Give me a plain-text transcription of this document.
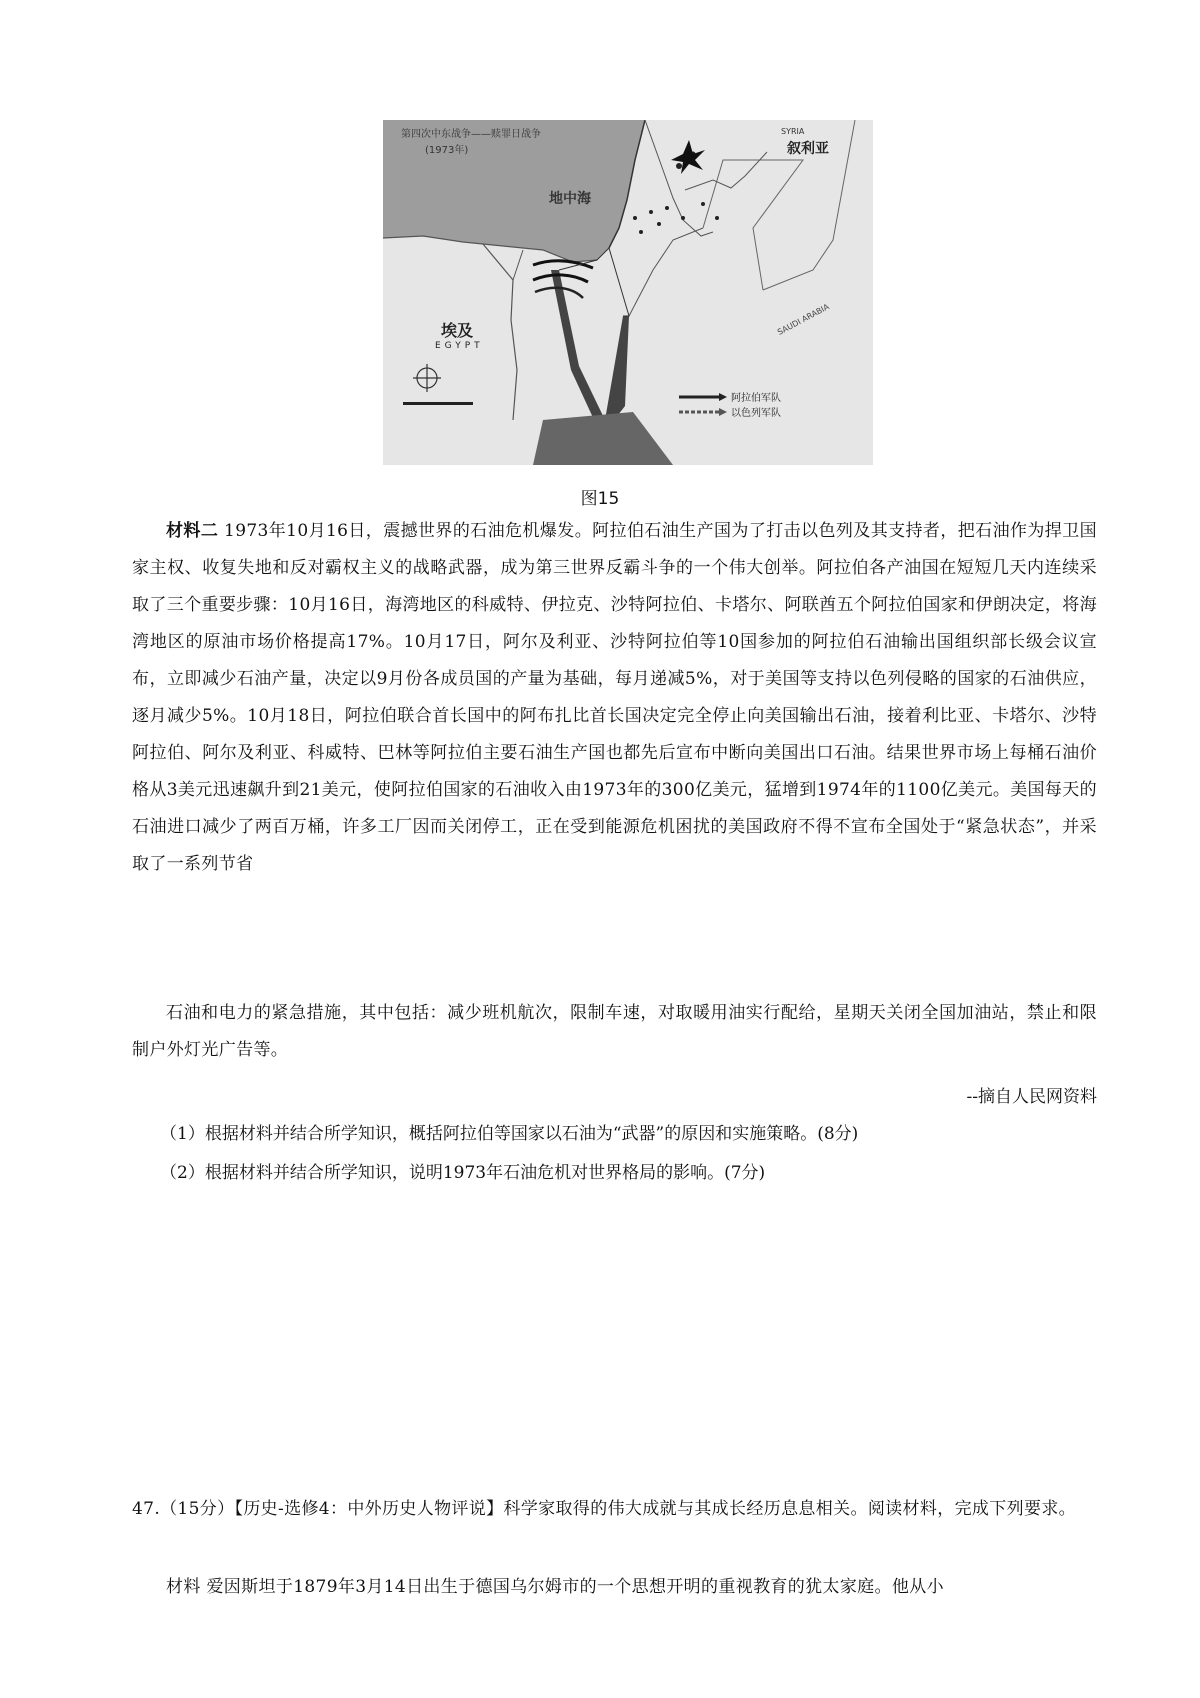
第四次中东战争——赎罪日战争
(1973年)
地中海
SYRIA
叙利亚
埃及
EGYPT
SAUDI ARABIA
阿拉伯军队
以色列军队
图15

材料二 1973年10月16日，震撼世界的石油危机爆发。阿拉伯石油生产国为了打击以色列及其支持者，把石油作为捍卫国家主权、收复失地和反对霸权主义的战略武器，成为第三世界反霸斗争的一个伟大创举。阿拉伯各产油国在短短几天内连续采取了三个重要步骤：10月16日，海湾地区的科威特、伊拉克、沙特阿拉伯、卡塔尔、阿联酋五个阿拉伯国家和伊朗决定，将海湾地区的原油市场价格提高17%。10月17日，阿尔及利亚、沙特阿拉伯等10国参加的阿拉伯石油输出国组织部长级会议宣布，立即减少石油产量，决定以9月份各成员国的产量为基础，每月递减5%，对于美国等支持以色列侵略的国家的石油供应，逐月减少5%。10月18日，阿拉伯联合首长国中的阿布扎比首长国决定完全停止向美国输出石油，接着利比亚、卡塔尔、沙特阿拉伯、阿尔及利亚、科威特、巴林等阿拉伯主要石油生产国也都先后宣布中断向美国出口石油。结果世界市场上每桶石油价格从3美元迅速飙升到21美元，使阿拉伯国家的石油收入由1973年的300亿美元，猛增到1974年的1100亿美元。美国每天的石油进口减少了两百万桶，许多工厂因而关闭停工，正在受到能源危机困扰的美国政府不得不宣布全国处于“紧急状态”，并采取了一系列节省

石油和电力的紧急措施，其中包括：减少班机航次，限制车速，对取暖用油实行配给，星期天关闭全国加油站，禁止和限制户外灯光广告等。

--摘自人民网资料
（1）根据材料并结合所学知识，概括阿拉伯等国家以石油为“武器”的原因和实施策略。(8分)
（2）根据材料并结合所学知识，说明1973年石油危机对世界格局的影响。(7分)

47.（15分）【历史-选修4：中外历史人物评说】科学家取得的伟大成就与其成长经历息息相关。阅读材料，完成下列要求。

材料 爱因斯坦于1879年3月14日出生于德国乌尔姆市的一个思想开明的重视教育的犹太家庭。他从小
